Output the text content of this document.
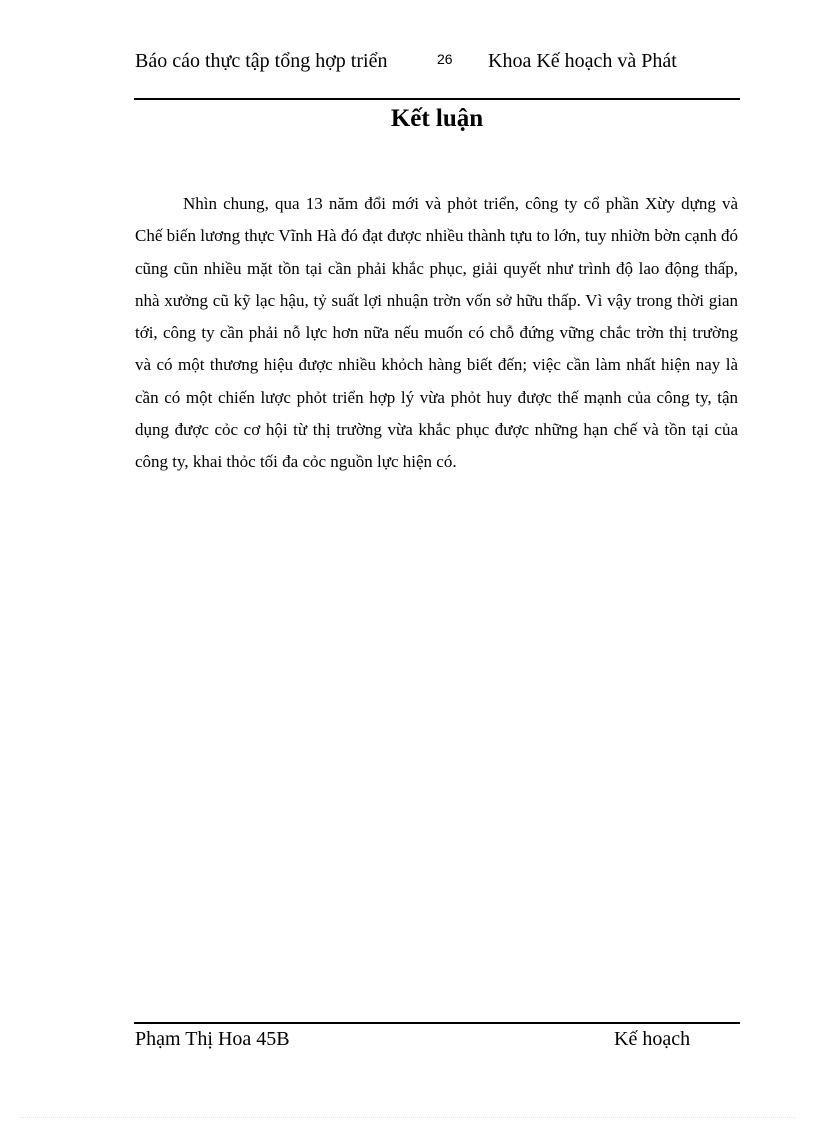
Báo cáo thực tập tổng hợp triển	26 Khoa Kế hoạch và Phát
Kết luận

Nhìn chung, qua 13 năm đổi mới và phỏt triển, công ty cổ phần Xừy dựng và Chế biến lương thực Vĩnh Hà đó đạt được nhiều thành tựu to lớn, tuy nhiờn bờn cạnh đó cũng cũn nhiều mặt tồn tại cần phải khắc phục, giải quyết như trình độ lao động thấp, nhà xưởng cũ kỹ lạc hậu, tỷ suất lợi nhuận trờn vốn sở hữu thấp. Vì vậy trong thời gian tới, công ty cần phải nỗ lực hơn nữa nếu muốn có chỗ đứng vững chắc trờn thị trường và có một thương hiệu được nhiều khỏch hàng biết đến; việc cần làm nhất hiện nay là cần có một chiến lược phỏt triển hợp lý vừa phỏt huy được thế mạnh của công ty, tận dụng được cỏc cơ hội từ thị trường vừa khắc phục được những hạn chế và tồn tại của công ty, khai thỏc tối đa cỏc nguồn lực hiện có.

Phạm Thị Hoa 45B	Kế hoạch
